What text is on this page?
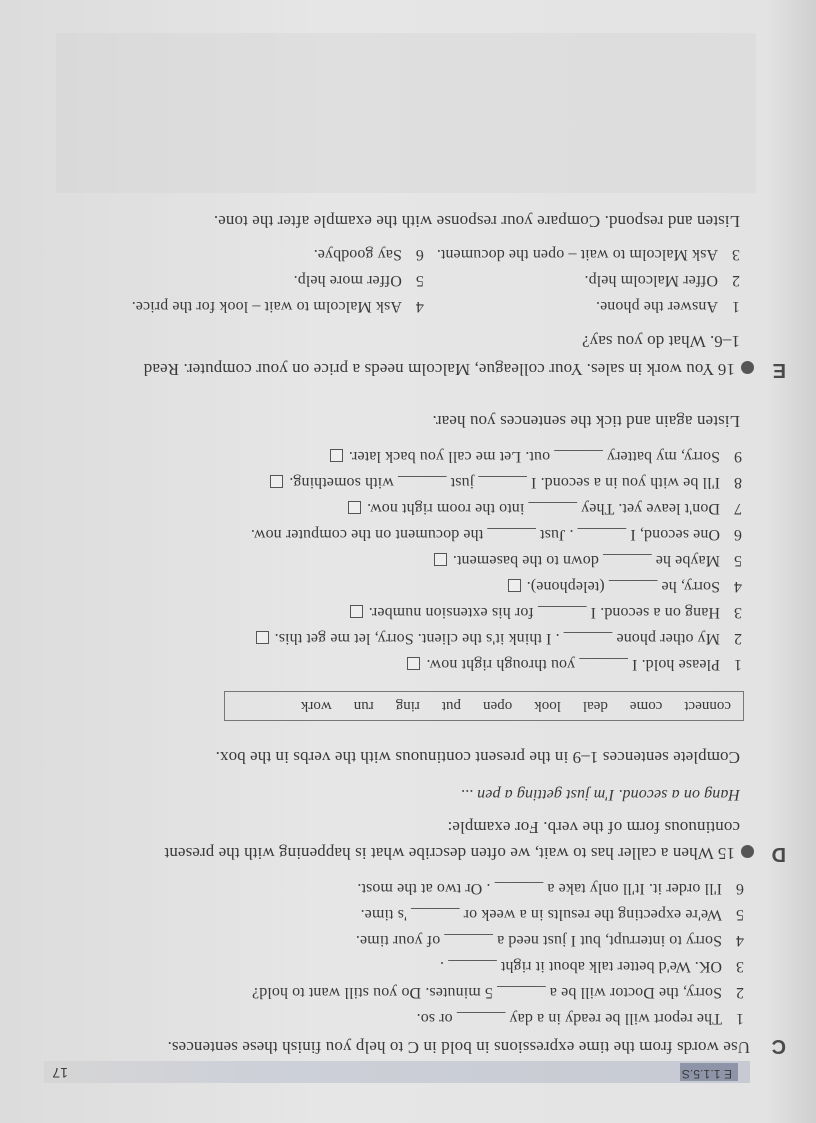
E 1.1.5.S
17
C
Use words from the time expressions in bold in C to help you finish these sentences.
1The report will be ready in a day ______ or so.
2Sorry, the Doctor will be a ______ 5 minutes. Do you still want to hold?
3OK. We'd better talk about it right ______ .
4Sorry to interrupt, but I just need a ______ of your time.
5We're expecting the results in a week or ______ 's time.
6I'll order it. It'll only take a ______ . Or two at the most.
D
15 When a caller has to wait, we often describe what is happening with the present
continuous form of the verb. For example:
Hang on a second. I'm just getting a pen ...
Complete sentences 1–9 in the present continuous with the verbs in the box.
connect
come
deal
look
open
put
ring
run
work
1Please hold. I ______ you through right now.
2My other phone ______ . I think it's the client. Sorry, let me get this.
3Hang on a second. I ______ for his extension number.
4Sorry, he ______ (telephone).
5Maybe he ______ down to the basement.
6One second, I ______ . Just ______ the document on the computer now.
7Don't leave yet. They ______ into the room right now.
8I'll be with you in a second. I ______ just ______ with something.
9Sorry, my battery ______ out. Let me call you back later.
Listen again and tick the sentences you hear.
E
16 You work in sales. Your colleague, Malcolm needs a price on your computer. Read
1–6. What do you say?
1Answer the phone. 4Ask Malcolm to wait – look for the price.
2Offer Malcolm help. 5Offer more help.
3Ask Malcolm to wait – open the document. 6Say goodbye.
Listen and respond. Compare your response with the example after the tone.
